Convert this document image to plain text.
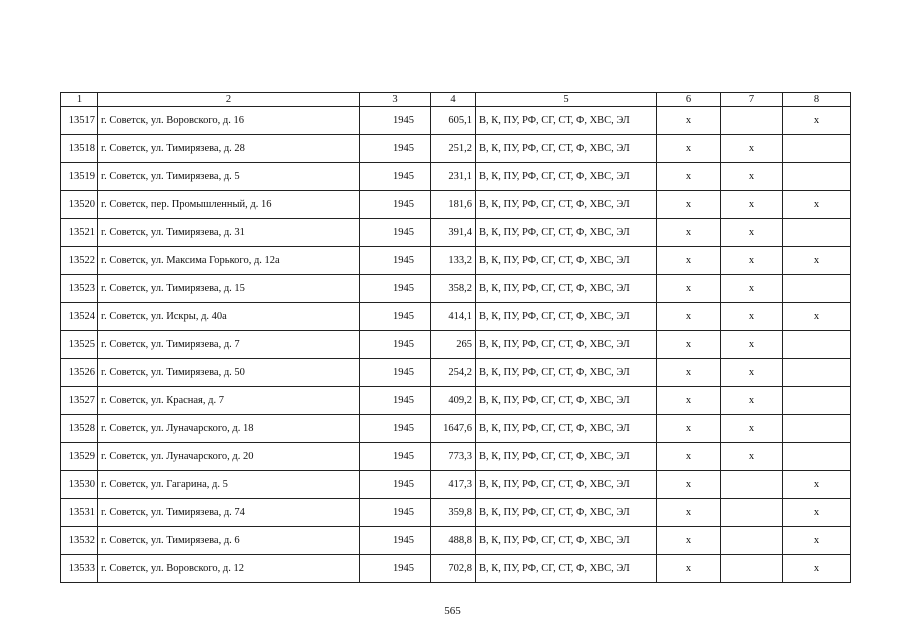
1	2	3	4	5	6	7	8
13517	г. Советск, ул. Воровского, д. 16	1945	605,1	В, К, ПУ, РФ, СГ, СТ, Ф, ХВС, ЭЛ	х		х
13518	г. Советск, ул. Тимирязева, д. 28	1945	251,2	В, К, ПУ, РФ, СГ, СТ, Ф, ХВС, ЭЛ	х	х	
13519	г. Советск, ул. Тимирязева, д. 5	1945	231,1	В, К, ПУ, РФ, СГ, СТ, Ф, ХВС, ЭЛ	х	х	
13520	г. Советск, пер. Промышленный, д. 16	1945	181,6	В, К, ПУ, РФ, СГ, СТ, Ф, ХВС, ЭЛ	х	х	х
13521	г. Советск, ул. Тимирязева, д. 31	1945	391,4	В, К, ПУ, РФ, СГ, СТ, Ф, ХВС, ЭЛ	х	х	
13522	г. Советск, ул. Максима Горького, д. 12а	1945	133,2	В, К, ПУ, РФ, СГ, СТ, Ф, ХВС, ЭЛ	х	х	х
13523	г. Советск, ул. Тимирязева, д. 15	1945	358,2	В, К, ПУ, РФ, СГ, СТ, Ф, ХВС, ЭЛ	х	х	
13524	г. Советск, ул. Искры, д. 40а	1945	414,1	В, К, ПУ, РФ, СГ, СТ, Ф, ХВС, ЭЛ	х	х	х
13525	г. Советск, ул. Тимирязева, д. 7	1945	265	В, К, ПУ, РФ, СГ, СТ, Ф, ХВС, ЭЛ	х	х	
13526	г. Советск, ул. Тимирязева, д. 50	1945	254,2	В, К, ПУ, РФ, СГ, СТ, Ф, ХВС, ЭЛ	х	х	
13527	г. Советск, ул. Красная, д. 7	1945	409,2	В, К, ПУ, РФ, СГ, СТ, Ф, ХВС, ЭЛ	х	х	
13528	г. Советск, ул. Луначарского, д. 18	1945	1647,6	В, К, ПУ, РФ, СГ, СТ, Ф, ХВС, ЭЛ	х	х	
13529	г. Советск, ул. Луначарского, д. 20	1945	773,3	В, К, ПУ, РФ, СГ, СТ, Ф, ХВС, ЭЛ	х	х	
13530	г. Советск, ул. Гагарина, д. 5	1945	417,3	В, К, ПУ, РФ, СГ, СТ, Ф, ХВС, ЭЛ	х		х
13531	г. Советск, ул. Тимирязева, д. 74	1945	359,8	В, К, ПУ, РФ, СГ, СТ, Ф, ХВС, ЭЛ	х		х
13532	г. Советск, ул. Тимирязева, д. 6	1945	488,8	В, К, ПУ, РФ, СГ, СТ, Ф, ХВС, ЭЛ	х		х
13533	г. Советск, ул. Воровского, д. 12	1945	702,8	В, К, ПУ, РФ, СГ, СТ, Ф, ХВС, ЭЛ	х		х
565
